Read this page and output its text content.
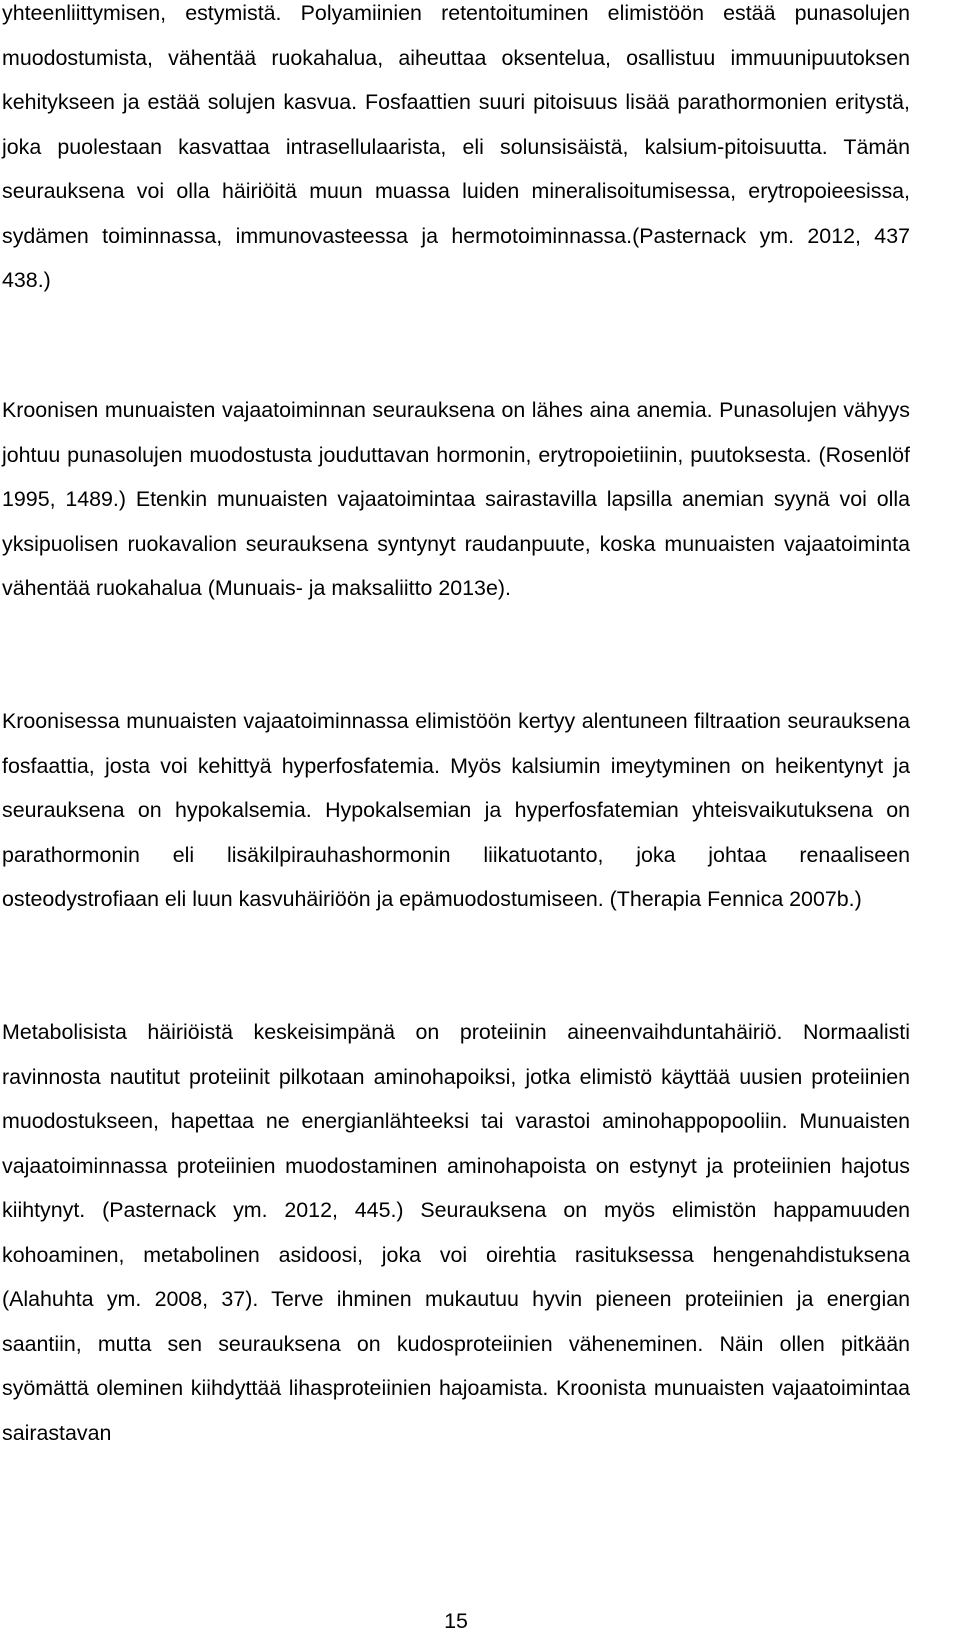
yhteenliittymisen, estymistä. Polyamiinien retentoituminen elimistöön estää punasolujen muodostumista, vähentää ruokahalua, aiheuttaa oksentelua, osallistuu immuunipuutoksen kehitykseen ja estää solujen kasvua. Fosfaattien suuri pitoisuus lisää parathormonien eritystä, joka puolestaan kasvattaa intrasellulaarista, eli solunsisäistä, kalsium-pitoisuutta. Tämän seurauksena voi olla häiriöitä muun muassa luiden mineralisoitumisessa, erytropoieesissa, sydämen toiminnassa, immunovasteessa ja hermotoiminnassa.(Pasternack ym. 2012, 437 438.)

Kroonisen munuaisten vajaatoiminnan seurauksena on lähes aina anemia. Punasolujen vähyys johtuu punasolujen muodostusta jouduttavan hormonin, erytropoietiinin, puutoksesta. (Rosenlöf 1995, 1489.) Etenkin munuaisten vajaatoimintaa sairastavilla lapsilla anemian syynä voi olla yksipuolisen ruokavalion seurauksena syntynyt raudanpuute, koska munuaisten vajaatoiminta vähentää ruokahalua (Munuais- ja maksaliitto 2013e).

Kroonisessa munuaisten vajaatoiminnassa elimistöön kertyy alentuneen filtraation seurauksena fosfaattia, josta voi kehittyä hyperfosfatemia. Myös kalsiumin imeytyminen on heikentynyt ja seurauksena on hypokalsemia. Hypokalsemian ja hyperfosfatemian yhteisvaikutuksena on parathormonin eli lisäkilpirauhashormonin liikatuotanto, joka johtaa renaaliseen osteodystrofiaan eli luun kasvuhäiriöön ja epämuodostumiseen. (Therapia Fennica 2007b.)

Metabolisista häiriöistä keskeisimpänä on proteiinin aineenvaihduntahäiriö. Normaalisti ravinnosta nautitut proteiinit pilkotaan aminohapoiksi, jotka elimistö käyttää uusien proteiinien muodostukseen, hapettaa ne energianlähteeksi tai varastoi aminohappopooliin. Munuaisten vajaatoiminnassa proteiinien muodostaminen aminohapoista on estynyt ja proteiinien hajotus kiihtynyt. (Pasternack ym. 2012, 445.) Seurauksena on myös elimistön happamuuden kohoaminen, metabolinen asidoosi, joka voi oirehtia rasituksessa hengenahdistuksena (Alahuhta ym. 2008, 37). Terve ihminen mukautuu hyvin pieneen proteiinien ja energian saantiin, mutta sen seurauksena on kudosproteiinien väheneminen. Näin ollen pitkään syömättä oleminen kiihdyttää lihasproteiinien hajoamista. Kroonista munuaisten vajaatoimintaa sairastavan

15
